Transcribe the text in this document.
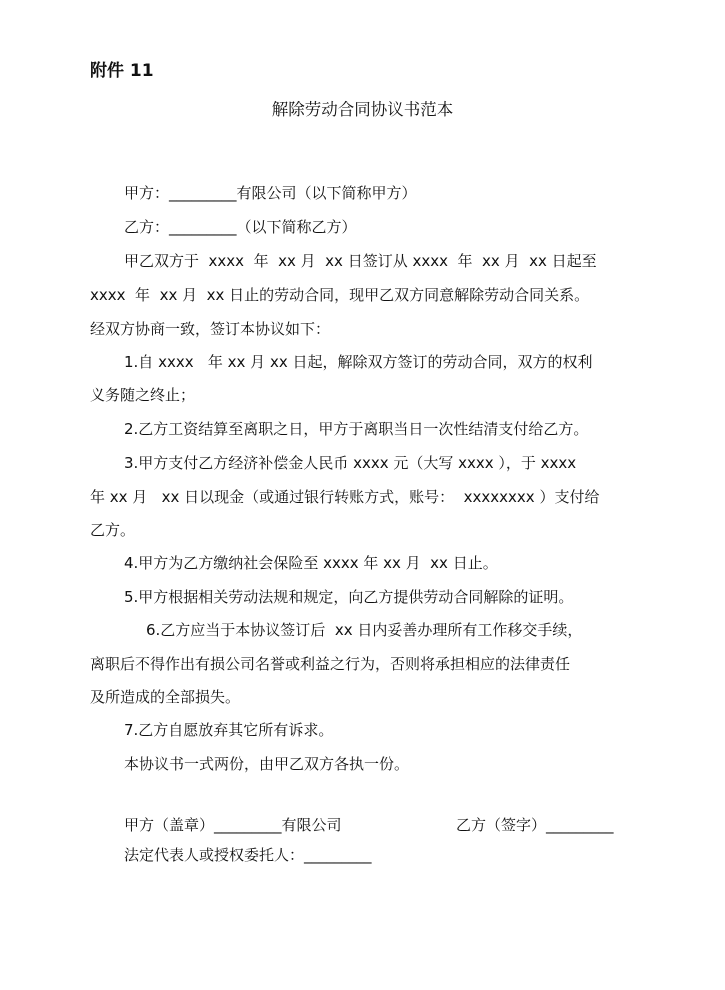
附件 11
解除劳动合同协议书范本
甲方：_________有限公司（以下简称甲方）
乙方：_________（以下简称乙方）
甲乙双方于  xxxx  年  xx 月  xx 日签订从 xxxx  年  xx 月  xx 日起至
xxxx  年  xx 月  xx 日止的劳动合同，现甲乙双方同意解除劳动合同关系。
经双方协商一致，签订本协议如下：
1.自 xxxx   年 xx 月 xx 日起，解除双方签订的劳动合同，双方的权利
义务随之终止；
2.乙方工资结算至离职之日，甲方于离职当日一次性结清支付给乙方。
3.甲方支付乙方经济补偿金人民币 xxxx 元（大写 xxxx ），于 xxxx
年 xx 月   xx 日以现金（或通过银行转账方式，账号：  xxxxxxxx ）支付给
乙方。
4.甲方为乙方缴纳社会保险至 xxxx 年 xx 月  xx 日止。
5.甲方根据相关劳动法规和规定，向乙方提供劳动合同解除的证明。
6.乙方应当于本协议签订后  xx 日内妥善办理所有工作移交手续，
离职后不得作出有损公司名誉或利益之行为，否则将承担相应的法律责任
及所造成的全部损失。
7.乙方自愿放弃其它所有诉求。
本协议书一式两份，由甲乙双方各执一份。
甲方（盖章）_________有限公司	乙方（签字）_________
法定代表人或授权委托人：_________
